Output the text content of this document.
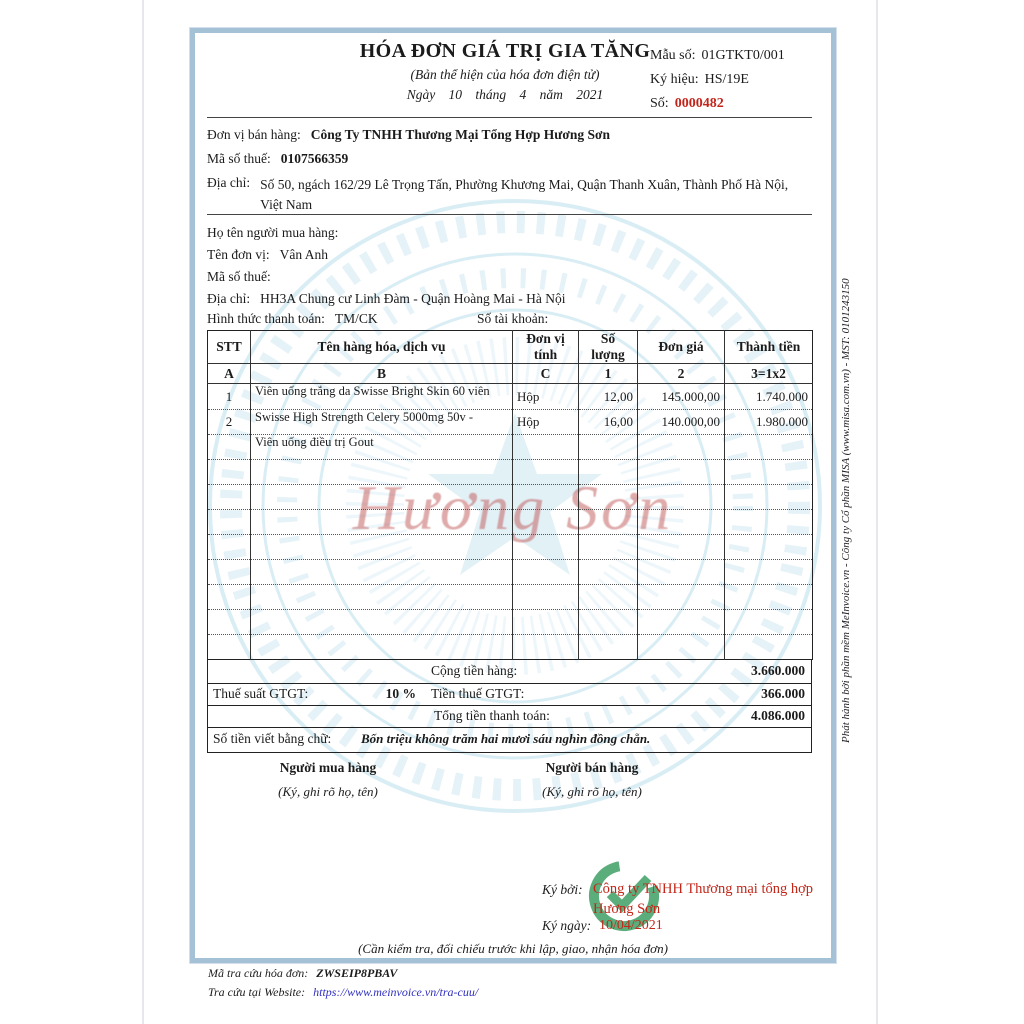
Hương Sơn
HÓA ĐƠN GIÁ TRỊ GIA TĂNG
(Bản thể hiện của hóa đơn điện tử)
Ngày 10 tháng 4 năm 2021
Mẫu số: 01GTKT0/001
Ký hiệu: HS/19E
Số: 0000482
Đơn vị bán hàng: Công Ty TNHH Thương Mại Tổng Hợp Hương Sơn
Mã số thuế: 0107566359
Địa chỉ: Số 50, ngách 162/29 Lê Trọng Tấn, Phường Khương Mai, Quận Thanh Xuân, Thành Phố Hà Nội, Việt Nam
Họ tên người mua hàng:
Tên đơn vị: Vân Anh
Mã số thuế:
Địa chỉ: HH3A Chung cư Linh Đàm - Quận Hoàng Mai - Hà Nội
Hình thức thanh toán: TM/CK	Số tài khoản:
STT	Tên hàng hóa, dịch vụ	Đơn vị tính	Số lượng	Đơn giá	Thành tiền
A	B	C	1	2	3=1x2
1	Viên uống trắng da Swisse Bright Skin 60 viên	Hộp	12,00	145.000,00	1.740.000
2	Swisse High Strength Celery 5000mg 50v -	Hộp	16,00	140.000,00	1.980.000
	Viên uống điều trị Gout				

Cộng tiền hàng:	3.660.000
Thuế suất GTGT:	10 % Tiền thuế GTGT:	366.000
Tổng tiền thanh toán:	4.086.000
Số tiền viết bằng chữ: Bốn triệu không trăm hai mươi sáu nghìn đồng chẵn.
Người mua hàng
(Ký, ghi rõ họ, tên)
Người bán hàng
(Ký, ghi rõ họ, tên)
Ký bởi: Công ty TNHH Thương mại tổng hợp
Hương Sơn
Ký ngày: 10/04/2021
(Cần kiểm tra, đối chiếu trước khi lập, giao, nhận hóa đơn)
Mã tra cứu hóa đơn: ZWSEIP8PBAV
Tra cứu tại Website: https://www.meinvoice.vn/tra-cuu/
Phát hành bởi phần mềm MeInvoice.vn - Công ty Cổ phần MISA (www.misa.com.vn) - MST: 0101243150
